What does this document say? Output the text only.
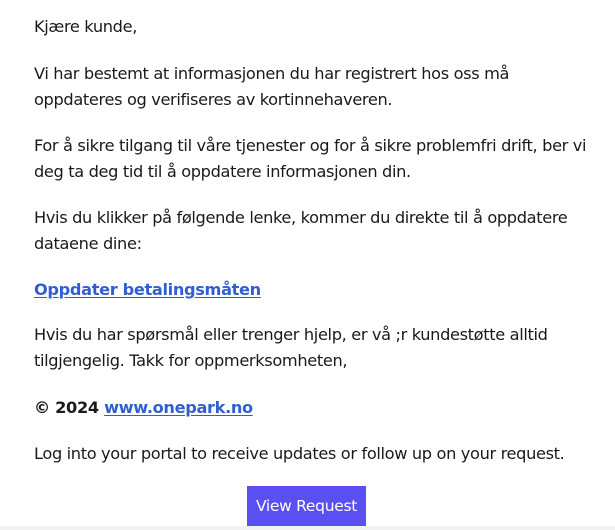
Kjære kunde,

Vi har bestemt at informasjonen du har registrert hos oss må oppdateres og verifiseres av kortinnehaveren.

For å sikre tilgang til våre tjenester og for å sikre problemfri drift, ber vi deg ta deg tid til å oppdatere informasjonen din.

Hvis du klikker på følgende lenke, kommer du direkte til å oppdatere dataene dine:

Oppdater betalingsmåten

Hvis du har spørsmål eller trenger hjelp, er vå ;r kundestøtte alltid tilgjengelig. Takk for oppmerksomheten,

© 2024 www.onepark.no

Log into your portal to receive updates or follow up on your request.

View Request
